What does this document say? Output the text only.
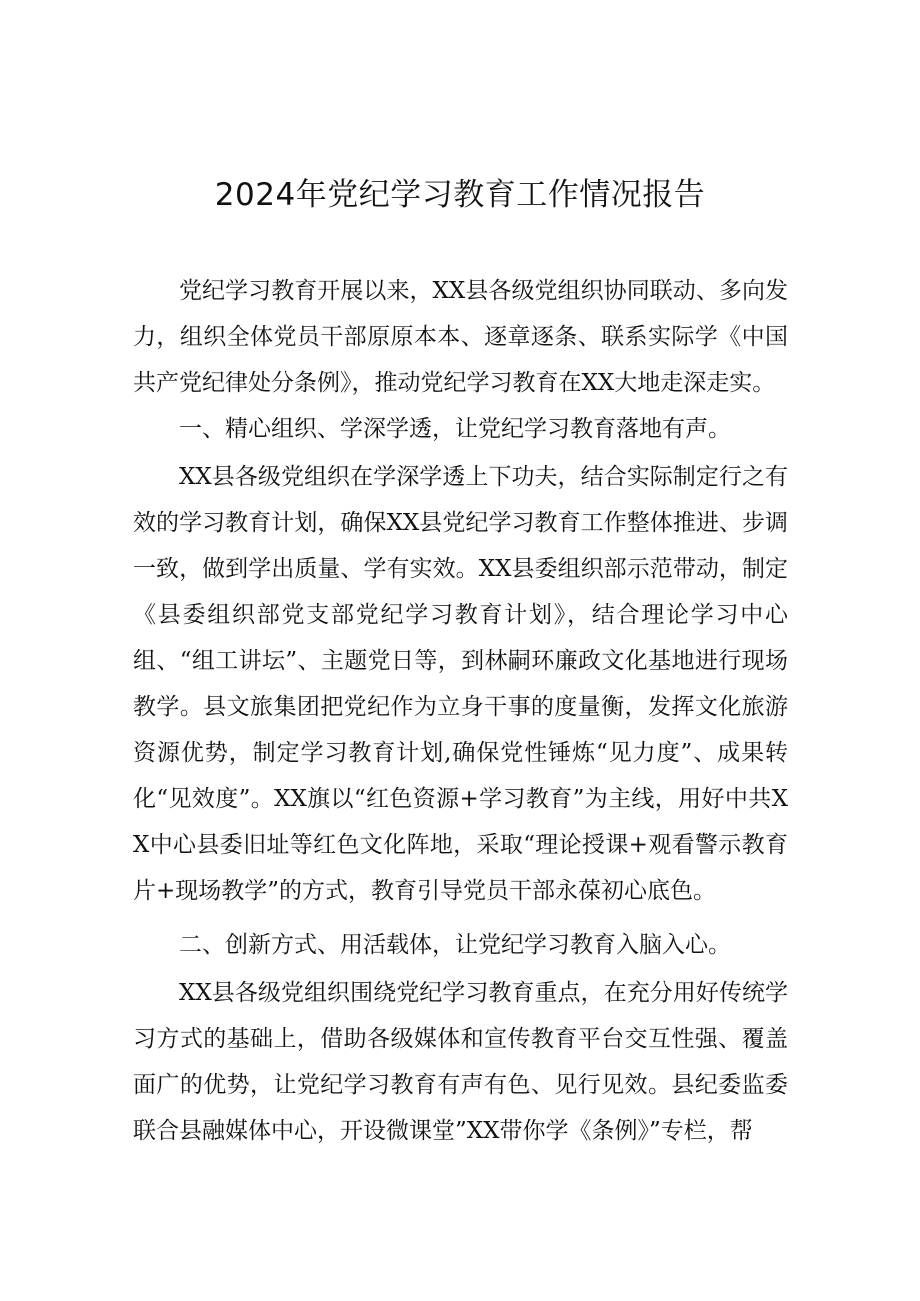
2024年党纪学习教育工作情况报告

党纪学习教育开展以来，XX县各级党组织协同联动、多向发力，组织全体党员干部原原本本、逐章逐条、联系实际学《中国共产党纪律处分条例》，推动党纪学习教育在XX大地走深走实。

一、精心组织、学深学透，让党纪学习教育落地有声。

XX县各级党组织在学深学透上下功夫，结合实际制定行之有效的学习教育计划，确保XX县党纪学习教育工作整体推进、步调一致，做到学出质量、学有实效。XX县委组织部示范带动，制定《县委组织部党支部党纪学习教育计划》，结合理论学习中心组、“组工讲坛”、主题党日等，到林嗣环廉政文化基地进行现场教学。县文旅集团把党纪作为立身干事的度量衡，发挥文化旅游资源优势，制定学习教育计划,确保党性锤炼“见力度”、成果转化“见效度”。XX旗以“红色资源+学习教育”为主线，用好中共XX中心县委旧址等红色文化阵地，采取“理论授课+观看警示教育片+现场教学”的方式，教育引导党员干部永葆初心底色。

二、创新方式、用活载体，让党纪学习教育入脑入心。

XX县各级党组织围绕党纪学习教育重点，在充分用好传统学习方式的基础上，借助各级媒体和宣传教育平台交互性强、覆盖面广的优势，让党纪学习教育有声有色、见行见效。县纪委监委联合县融媒体中心，开设微课堂”XX带你学《条例》”专栏，帮
